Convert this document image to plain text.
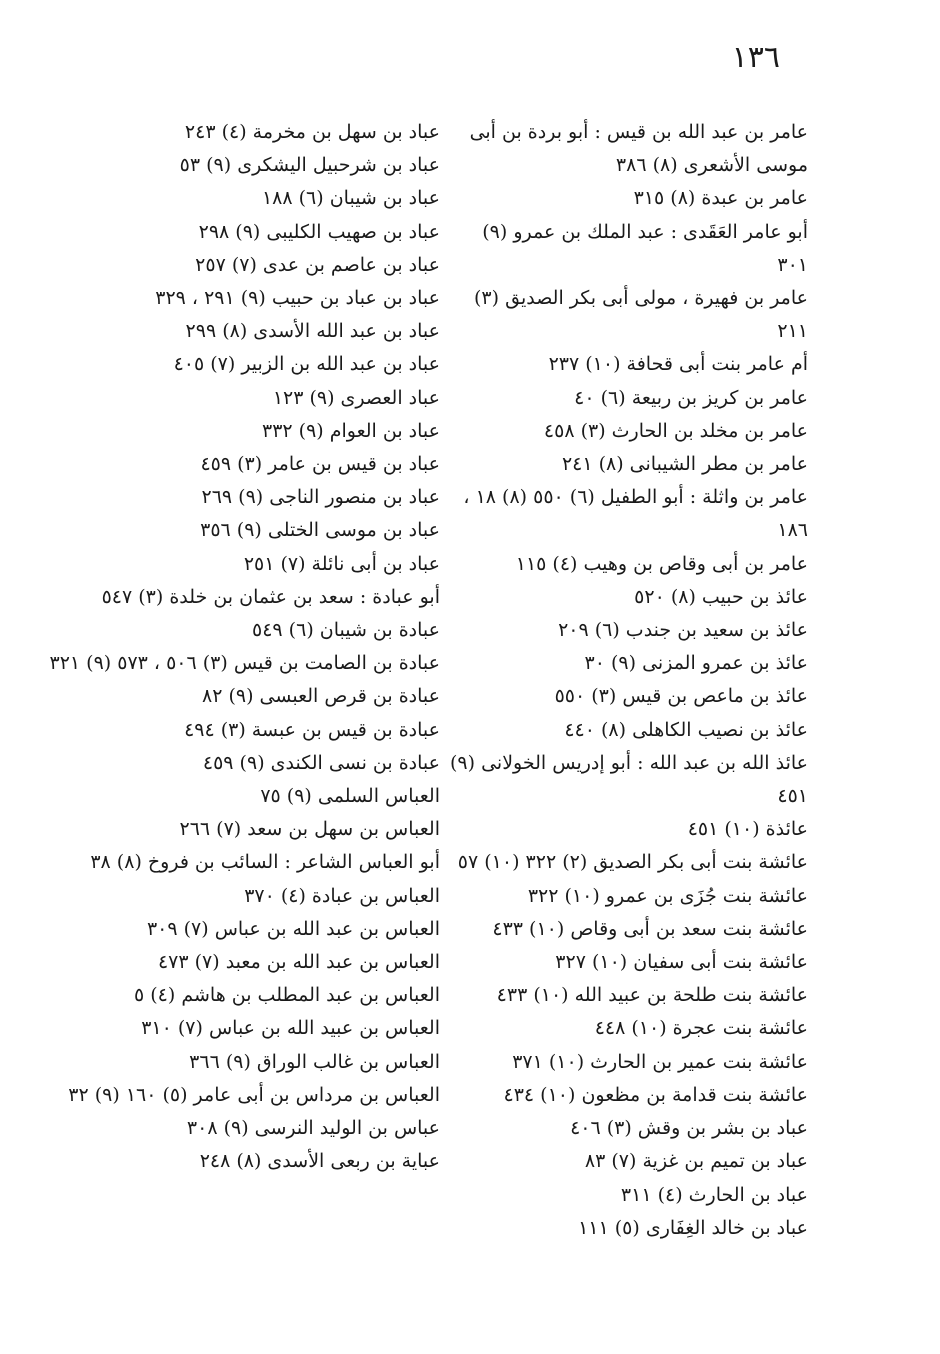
١٣٦

عامر بن عبد الله بن قيس : أبو بردة بن أبى موسى الأشعرى (٨) ٣٨٦

عامر بن عبدة (٨) ٣١٥

أبو عامر العَقَدى : عبد الملك بن عمرو (٩) ٣٠١

عامر بن فهيرة ، مولى أبى بكر الصديق (٣) ٢١١

أم عامر بنت أبى قحافة (١٠) ٢٣٧

عامر بن كريز بن ربيعة (٦) ٤٠

عامر بن مخلد بن الحارث (٣) ٤٥٨

عامر بن مطر الشيبانى (٨) ٢٤١

عامر بن واثلة : أبو الطفيل (٦) ٥٥٠ (٨) ١٨ ، ١٨٦

عامر بن أبى وقاص بن وهيب (٤) ١١٥

عائذ بن حبيب (٨) ٥٢٠

عائذ بن سعيد بن جندب (٦) ٢٠٩

عائذ بن عمرو المزنى (٩) ٣٠

عائذ بن ماعص بن قيس (٣) ٥٥٠

عائذ بن نصيب الكاهلى (٨) ٤٤٠

عائذ الله بن عبد الله : أبو إدريس الخولانى (٩) ٤٥١

عائذة (١٠) ٤٥١

عائشة بنت أبى بكر الصديق (٢) ٣٢٢ (١٠) ٥٧

عائشة بنت جُزَى بن عمرو (١٠) ٣٢٢

عائشة بنت سعد بن أبى وقاص (١٠) ٤٣٣

عائشة بنت أبى سفيان (١٠) ٣٢٧

عائشة بنت طلحة بن عبيد الله (١٠) ٤٣٣

عائشة بنت عجرة (١٠) ٤٤٨

عائشة بنت عمير بن الحارث (١٠) ٣٧١

عائشة بنت قدامة بن مظعون (١٠) ٤٣٤

عباد بن بشر بن وقش (٣) ٤٠٦

عباد بن تميم بن غزية (٧) ٨٣

عباد بن الحارث (٤) ٣١١

عباد بن خالد الغِفَارى (٥) ١١١

عباد بن سهل بن مخرمة (٤) ٢٤٣

عباد بن شرحبيل اليشكرى (٩) ٥٣

عباد بن شيبان (٦) ١٨٨

عباد بن صهيب الكليبى (٩) ٢٩٨

عباد بن عاصم بن عدى (٧) ٢٥٧

عباد بن عباد بن حبيب (٩) ٢٩١ ، ٣٢٩

عباد بن عبد الله الأسدى (٨) ٢٩٩

عباد بن عبد الله بن الزبير (٧) ٤٠٥

عباد العصرى (٩) ١٢٣

عباد بن العوام (٩) ٣٣٢

عباد بن قيس بن عامر (٣) ٤٥٩

عباد بن منصور الناجى (٩) ٢٦٩

عباد بن موسى الختلى (٩) ٣٥٦

عباد بن أبى نائلة (٧) ٢٥١

أبو عبادة : سعد بن عثمان بن خلدة (٣) ٥٤٧

عبادة بن شيبان (٦) ٥٤٩

عبادة بن الصامت بن قيس (٣) ٥٠٦ ، ٥٧٣ (٩) ٣٢١

عبادة بن قرص العبسى (٩) ٨٢

عبادة بن قيس بن عبسة (٣) ٤٩٤

عبادة بن نسى الكندى (٩) ٤٥٩

العباس السلمى (٩) ٧٥

العباس بن سهل بن سعد (٧) ٢٦٦

أبو العباس الشاعر : السائب بن فروخ (٨) ٣٨

العباس بن عبادة (٤) ٣٧٠

العباس بن عبد الله بن عباس (٧) ٣٠٩

العباس بن عبد الله بن معبد (٧) ٤٧٣

العباس بن عبد المطلب بن هاشم (٤) ٥

العباس بن عبيد الله بن عباس (٧) ٣١٠

العباس بن غالب الوراق (٩) ٣٦٦

العباس بن مرداس بن أبى عامر (٥) ١٦٠ (٩) ٣٢

عباس بن الوليد النرسى (٩) ٣٠٨

عباية بن ربعى الأسدى (٨) ٢٤٨
